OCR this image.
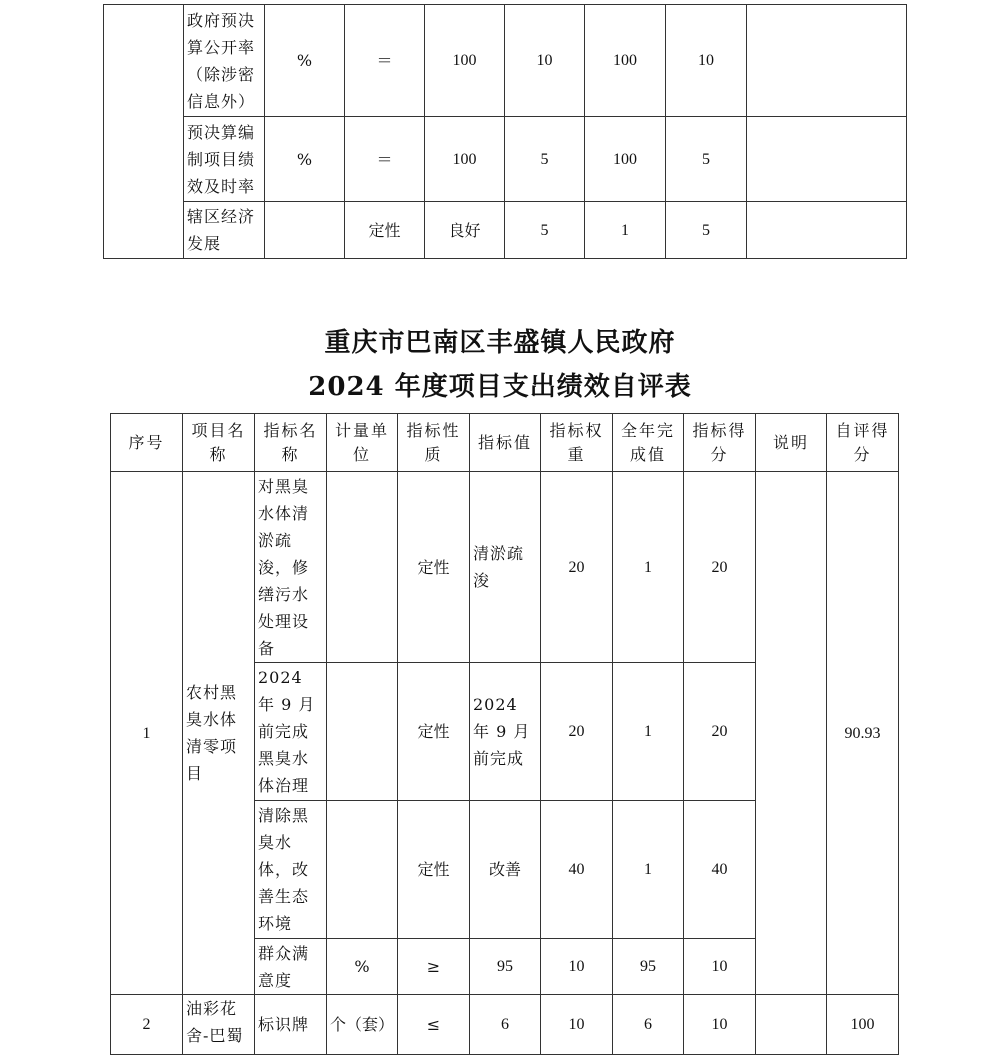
	政府预决算公开率（除涉密信息外）	%	＝	100	10	100	10	
	预决算编制项目绩效及时率	%	＝	100	5	100	5	
	辖区经济发展		定性	良好	5	1	5	
重庆市巴南区丰盛镇人民政府
2024 年度项目支出绩效自评表
序号	项目名称	指标名称	计量单位	指标性质	指标值	指标权重	全年完成值	指标得分	说明	自评得分
1	农村黑臭水体清零项目	对黑臭水体清淤疏浚，修缮污水处理设备		定性	清淤疏浚	20	1	20		90.93
		2024 年 9 月前完成黑臭水体治理		定性	2024 年 9 月前完成	20	1	20		
		清除黑臭水体，改善生态环境		定性	改善	40	1	40		
		群众满意度	%	≥	95	10	95	10		
2	油彩花舍-巴蜀	标识牌	个（套）	≤	6	10	6	10		100
